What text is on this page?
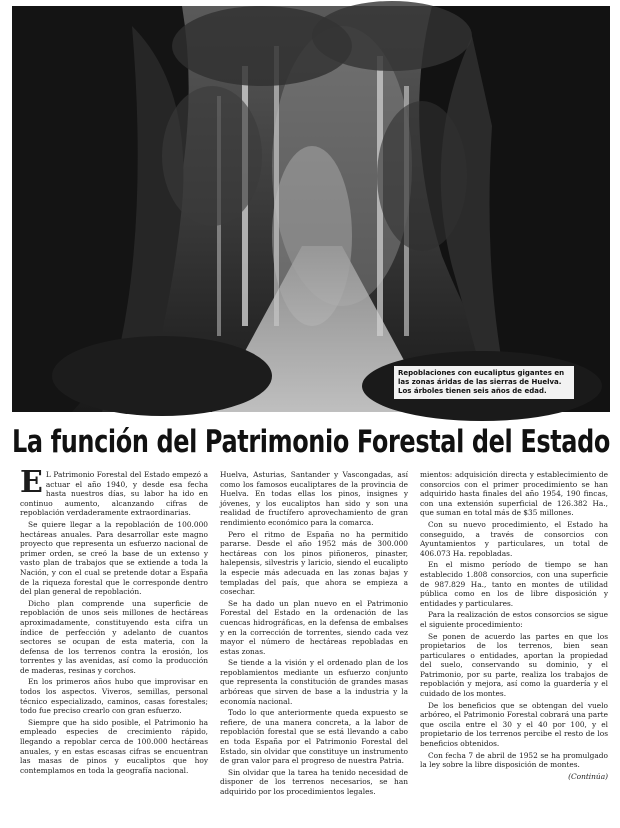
Repoblaciones con eucaliptus gigantes en las zonas áridas de las sierras de Huelva. Los árboles tienen seis años de edad.
La función del Patrimonio Forestal del Estado

E L Patrimonio Forestal del Estado empezó a actuar el año 1940, y desde esa fecha hasta nuestros días, su labor ha ido en continuo aumento, alcanzando cifras de repoblación verdaderamente extraordinarias.

Se quiere llegar a la repoblación de 100.000 hectáreas anuales. Para desarrollar este magno proyecto que representa un esfuerzo nacional de primer orden, se creó la base de un extenso y vasto plan de trabajos que se extiende a toda la Nación, y con el cual se pretende dotar a España de la riqueza forestal que le corresponde dentro del plan general de repoblación.

Dicho plan comprende una superficie de repoblación de unos seis millones de hectáreas aproximadamente, constituyendo esta cifra un índice de perfección y adelanto de cuantos sectores se ocupan de esta materia, con la defensa de los terrenos contra la erosión, los torrentes y las avenidas, así como la producción de maderas, resinas y corchos.

En los primeros años hubo que improvisar en todos los aspectos. Viveros, semillas, personal técnico especializado, caminos, casas forestales; todo fue preciso crearlo con gran esfuerzo.

Siempre que ha sido posible, el Patrimonio ha empleado especies de crecimiento rápido, llegando a repoblar cerca de 100.000 hectáreas anuales, y en estas escasas cifras se encuentran las masas de pinos y eucaliptos que hoy contemplamos en toda la geografía nacional.

Huelva, Asturias, Santander y Vascongadas, así como los famosos eucaliptares de la provincia de Huelva. En todas ellas los pinos, insignes y jóvenes, y los eucaliptos han sido y son una realidad de fructífero aprovechamiento de gran rendimiento económico para la comarca.

Pero el ritmo de España no ha permitido pararse. Desde el año 1952 más de 300.000 hectáreas con los pinos piñoneros, pinaster, halepensis, silvestris y laricio, siendo el eucalipto la especie más adecuada en las zonas bajas y templadas del país, que ahora se empieza a cosechar.

Se ha dado un plan nuevo en el Patrimonio Forestal del Estado en la ordenación de las cuencas hidrográficas, en la defensa de embalses y en la corrección de torrentes, siendo cada vez mayor el número de hectáreas repobladas en estas zonas.

Se tiende a la visión y el ordenado plan de los repoblamientos mediante un esfuerzo conjunto que representa la constitución de grandes masas arbóreas que sirven de base a la industria y la economía nacional.

Todo lo que anteriormente queda expuesto se refiere, de una manera concreta, a la labor de repoblación forestal que se está llevando a cabo en toda España por el Patrimonio Forestal del Estado, sin olvidar que constituye un instrumento de gran valor para el progreso de nuestra Patria.

Sin olvidar que la tarea ha tenido necesidad de disponer de los terrenos necesarios, se han adquirido por los procedimientos legales.

mientos: adquisición directa y establecimiento de consorcios con el primer procedimiento se han adquirido hasta finales del año 1954, 190 fincas, con una extensión superficial de 126.382 Ha., que suman en total más de $35 millones.

Con su nuevo procedimiento, el Estado ha conseguido, a través de consorcios con Ayuntamientos y particulares, un total de 406.073 Ha. repobladas.

En el mismo período de tiempo se han establecido 1.808 consorcios, con una superficie de 987.829 Ha., tanto en montes de utilidad pública como en los de libre disposición y entidades y particulares.

Para la realización de estos consorcios se sigue el siguiente procedimiento:

Se ponen de acuerdo las partes en que los propietarios de los terrenos, bien sean particulares o entidades, aportan la propiedad del suelo, conservando su dominio, y el Patrimonio, por su parte, realiza los trabajos de repoblación y mejora, así como la guardería y el cuidado de los montes.

De los beneficios que se obtengan del vuelo arbóreo, el Patrimonio Forestal cobrará una parte que oscila entre el 30 y el 40 por 100, y el propietario de los terrenos percibe el resto de los beneficios obtenidos.

Con fecha 7 de abril de 1952 se ha promulgado la ley sobre la libre disposición de montes.

(Continúa)
